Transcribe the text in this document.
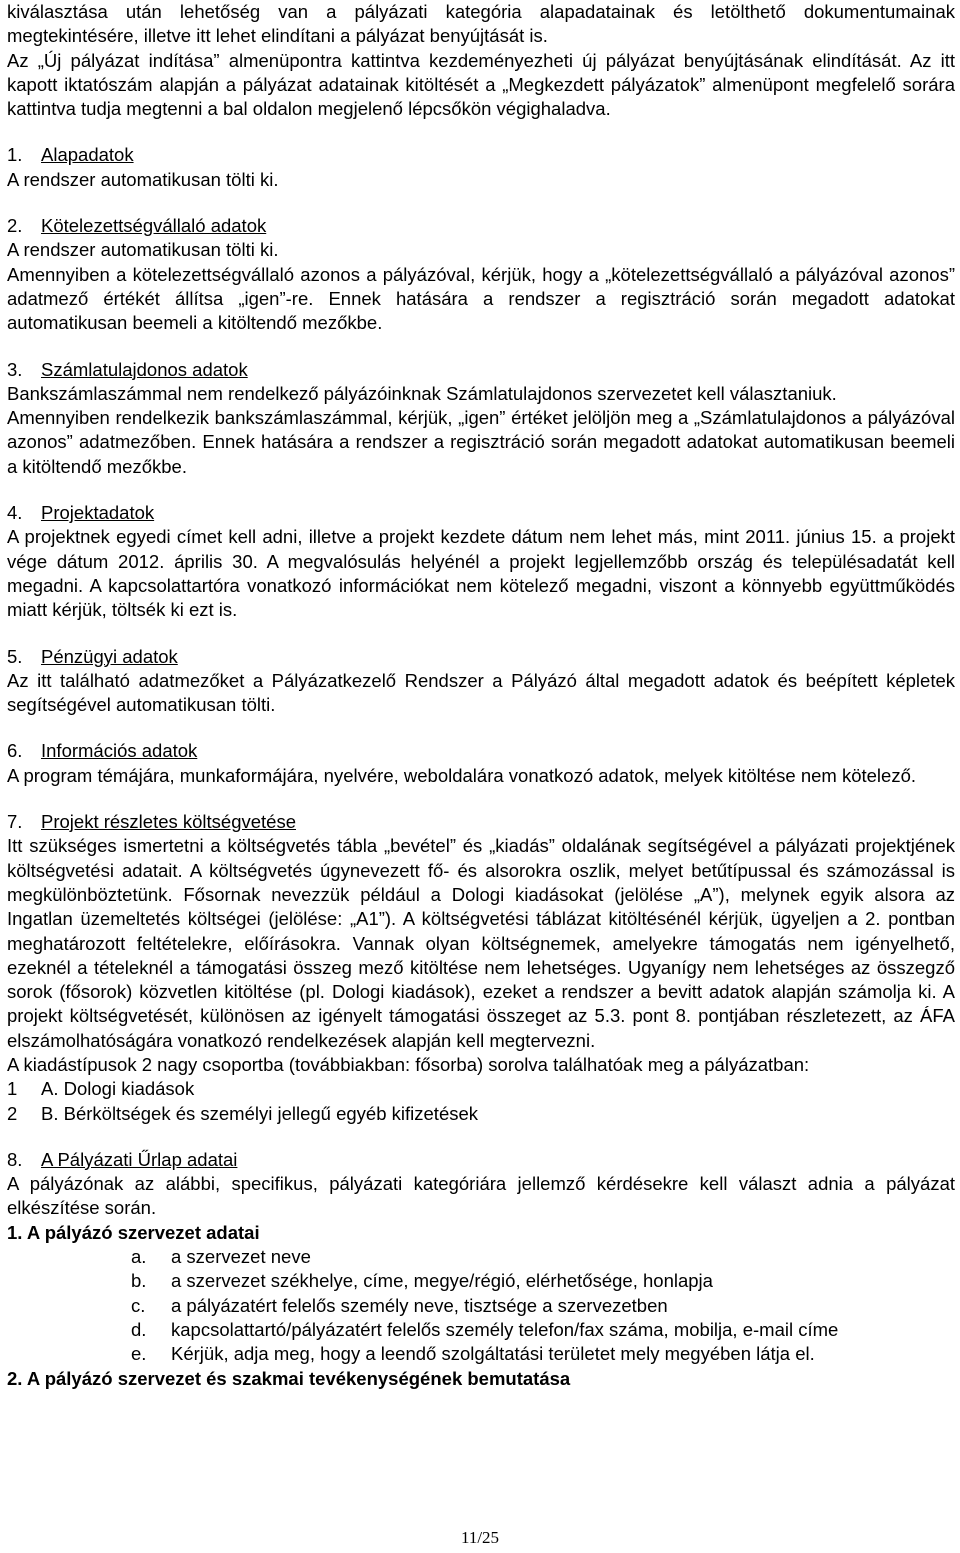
kiválasztása után lehetőség van a pályázati kategória alapadatainak és letölthető dokumentumainak megtekintésére, illetve itt lehet elindítani a pályázat benyújtását is.

Az „Új pályázat indítása” almenüpontra kattintva kezdeményezheti új pályázat benyújtásának elindítását. Az itt kapott iktatószám alapján a pályázat adatainak kitöltését a „Megkezdett pályázatok” almenüpont megfelelő sorára kattintva tudja megtenni a bal oldalon megjelenő lépcsőkön végighaladva.

1. Alapadatok

A rendszer automatikusan tölti ki.

2. Kötelezettségvállaló adatok

A rendszer automatikusan tölti ki.

Amennyiben a kötelezettségvállaló azonos a pályázóval, kérjük, hogy a „kötelezettségvállaló a pályázóval azonos” adatmező értékét állítsa „igen”-re. Ennek hatására a rendszer a regisztráció során megadott adatokat automatikusan beemeli a kitöltendő mezőkbe.

3. Számlatulajdonos adatok

Bankszámlaszámmal nem rendelkező pályázóinknak Számlatulajdonos szervezetet kell választaniuk.

Amennyiben rendelkezik bankszámlaszámmal, kérjük, „igen” értéket jelöljön meg a „Számlatulajdonos a pályázóval azonos” adatmezőben. Ennek hatására a rendszer a regisztráció során megadott adatokat automatikusan beemeli a kitöltendő mezőkbe.

4. Projektadatok

A projektnek egyedi címet kell adni, illetve a projekt kezdete dátum nem lehet más, mint 2011. június 15. a projekt vége dátum 2012. április 30. A megvalósulás helyénél a projekt legjellemzőbb ország és településadatát kell megadni. A kapcsolattartóra vonatkozó információkat nem kötelező megadni, viszont a könnyebb együttműködés miatt kérjük, töltsék ki ezt is.

5. Pénzügyi adatok

Az itt található adatmezőket a Pályázatkezelő Rendszer a Pályázó által megadott adatok és beépített képletek segítségével automatikusan tölti.

6. Információs adatok

A program témájára, munkaformájára, nyelvére, weboldalára vonatkozó adatok, melyek kitöltése nem kötelező.

7. Projekt részletes költségvetése

Itt szükséges ismertetni a költségvetés tábla „bevétel” és „kiadás” oldalának segítségével a pályázati projektjének költségvetési adatait. A költségvetés úgynevezett fő- és alsorokra oszlik, melyet betűtípussal és számozással is megkülönböztetünk. Fősornak nevezzük például a Dologi kiadásokat (jelölése „A”), melynek egyik alsora az Ingatlan üzemeltetés költségei (jelölése: „A1”). A költségvetési táblázat kitöltésénél kérjük, ügyeljen a 2. pontban meghatározott feltételekre, előírásokra. Vannak olyan költségnemek, amelyekre támogatás nem igényelhető, ezeknél a tételeknél a támogatási összeg mező kitöltése nem lehetséges. Ugyanígy nem lehetséges az összegző sorok (fősorok) közvetlen kitöltése (pl. Dologi kiadások), ezeket a rendszer a bevitt adatok alapján számolja ki. A projekt költségvetését, különösen az igényelt támogatási összeget az 5.3. pont 8. pontjában részletezett, az ÁFA elszámolhatóságára vonatkozó rendelkezések alapján kell megtervezni.

A kiadástípusok 2 nagy csoportba (továbbiakban: fősorba) sorolva találhatóak meg a pályázatban:

1	A. Dologi kiadások
2	B. Bérköltségek és személyi jellegű egyéb kifizetések
8. A Pályázati Űrlap adatai

A pályázónak az alábbi, specifikus, pályázati kategóriára jellemző kérdésekre kell választ adnia a pályázat elkészítése során.

1. A pályázó szervezet adatai

a.	a szervezet neve
b.	a szervezet székhelye, címe, megye/régió, elérhetősége, honlapja
c.	a pályázatért felelős személy neve, tisztsége a szervezetben
d.	kapcsolattartó/pályázatért felelős személy telefon/fax száma, mobilja, e-mail címe
e.	Kérjük, adja meg, hogy a leendő szolgáltatási területet mely megyében látja el.

2. A pályázó szervezet és szakmai tevékenységének bemutatása

11/25
